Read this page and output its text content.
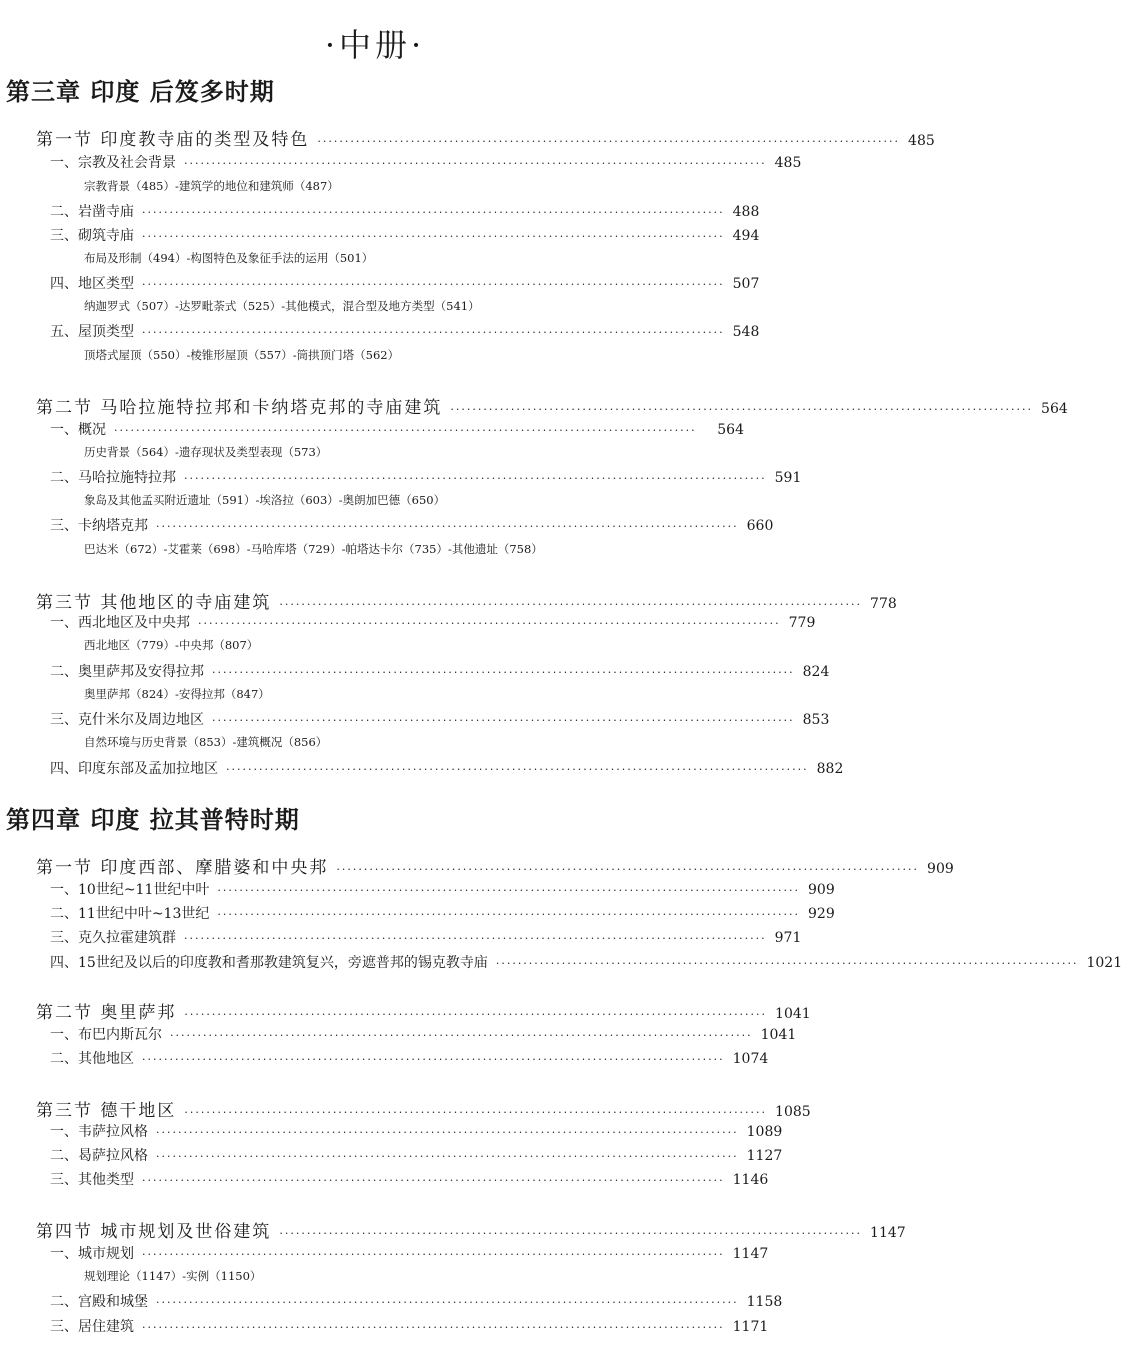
·中册·
第三章 印度 后笈多时期
第一节 印度教寺庙的类型及特色 ·········································································································· 485
一、宗教及社会背景 ·········································································································· 485

宗教背景（485）-建筑学的地位和建筑师（487）

二、岩凿寺庙 ·········································································································· 488
三、砌筑寺庙 ·········································································································· 494

布局及形制（494）-构图特色及象征手法的运用（501）

四、地区类型 ·········································································································· 507

纳迦罗式（507）-达罗毗荼式（525）-其他模式，混合型及地方类型（541）

五、屋顶类型 ·········································································································· 548

顶塔式屋顶（550）-棱锥形屋顶（557）-筒拱顶门塔（562）

第二节 马哈拉施特拉邦和卡纳塔克邦的寺庙建筑 ·········································································································· 564
一、概况 ··········································································································	564

历史背景（564）-遗存现状及类型表现（573）

二、马哈拉施特拉邦 ·········································································································· 591

象岛及其他孟买附近遗址（591）-埃洛拉（603）-奥朗加巴德（650）

三、卡纳塔克邦 ·········································································································· 660

巴达米（672）-艾霍莱（698）-马哈库塔（729）-帕塔达卡尔（735）-其他遗址（758）

第三节 其他地区的寺庙建筑 ·········································································································· 778
一、西北地区及中央邦 ·········································································································· 779

西北地区（779）-中央邦（807）

二、奥里萨邦及安得拉邦 ·········································································································· 824

奥里萨邦（824）-安得拉邦（847）

三、克什米尔及周边地区 ·········································································································· 853

自然环境与历史背景（853）-建筑概况（856）

四、印度东部及孟加拉地区 ·········································································································· 882
第四章 印度 拉其普特时期
第一节 印度西部、摩腊婆和中央邦 ·········································································································· 909
一、10世纪~11世纪中叶 ·········································································································· 909
二、11世纪中叶~13世纪 ·········································································································· 929
三、克久拉霍建筑群 ·········································································································· 971
四、15世纪及以后的印度教和耆那教建筑复兴，旁遮普邦的锡克教寺庙 ·········································································································· 1021
第二节 奥里萨邦 ·········································································································· 1041
一、布巴内斯瓦尔 ·········································································································· 1041
二、其他地区 ·········································································································· 1074
第三节 德干地区 ·········································································································· 1085
一、韦萨拉风格 ·········································································································· 1089
二、曷萨拉风格 ·········································································································· 1127
三、其他类型 ·········································································································· 1146
第四节 城市规划及世俗建筑 ·········································································································· 1147
一、城市规划 ·········································································································· 1147

规划理论（1147）-实例（1150）

二、宫殿和城堡 ·········································································································· 1158
三、居住建筑 ·········································································································· 1171
